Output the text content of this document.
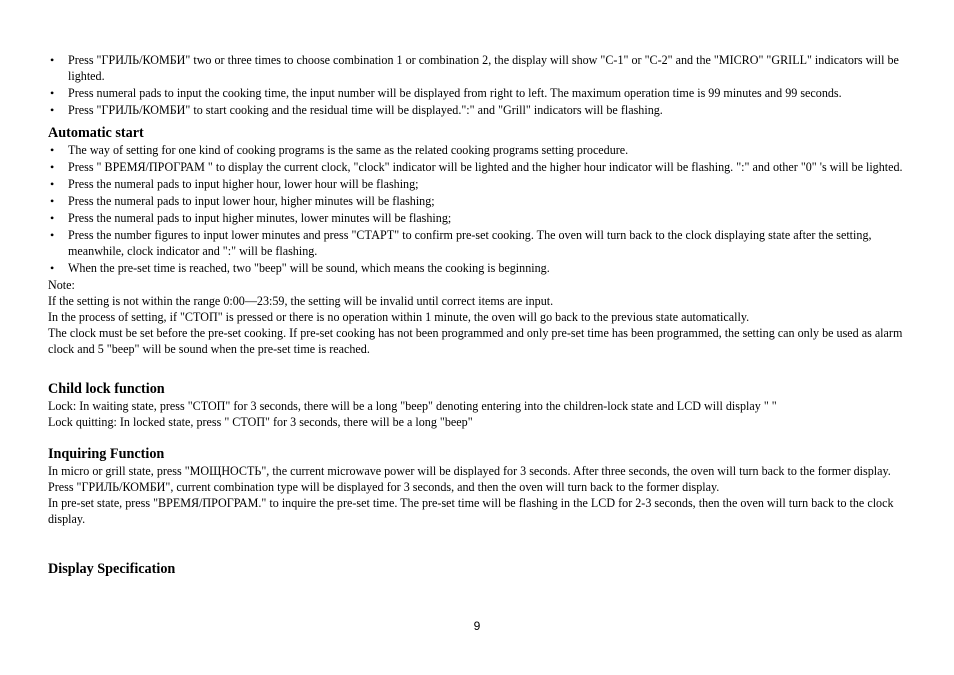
• Press "ГРИЛЬ/КОМБИ" two or three times to choose combination 1 or combination 2, the display will show "C-1" or "C-2" and the "MICRO" "GRILL" indicators will be lighted.
• Press numeral pads to input the cooking time, the input number will be displayed from right to left. The maximum operation time is 99 minutes and 99 seconds.
• Press "ГРИЛЬ/КОМБИ" to start cooking and the residual time will be displayed.":" and "Grill" indicators will be flashing.
Automatic start
• The way of setting for one kind of cooking programs is the same as the related cooking programs setting procedure.
• Press " ВРЕМЯ/ПРОГРАМ " to display the current clock, "clock" indicator will be lighted and the higher hour indicator will be flashing. ":" and other "0" 's will be lighted.
• Press the numeral pads to input higher hour, lower hour will be flashing;
• Press the numeral pads to input lower hour, higher minutes will be flashing;
• Press the numeral pads to input higher minutes, lower minutes will be flashing;
• Press the number figures to input lower minutes and press "СТАРТ" to confirm pre-set cooking. The oven will turn back to the clock displaying state after the setting, meanwhile, clock indicator and ":" will be flashing.
• When the pre-set time is reached, two "beep" will be sound, which means the cooking is beginning.

Note:

If the setting is not within the range 0:00—23:59, the setting will be invalid until correct items are input.

In the process of setting, if "СТОП" is pressed or there is no operation within 1 minute, the oven will go back to the previous state automatically.

The clock must be set before the pre-set cooking. If pre-set cooking has not been programmed and only pre-set time has been programmed, the setting can only be used as alarm clock and 5 "beep" will be sound when the pre-set time is reached.

Child lock function

Lock: In waiting state, press "СТОП" for 3 seconds, there will be a long "beep" denoting entering into the children-lock state and LCD will display " "

Lock quitting: In locked state, press " СТОП" for 3 seconds, there will be a long "beep"

Inquiring Function

In micro or grill state, press "МОЩНОСТЬ", the current microwave power will be displayed for 3 seconds. After three seconds, the oven will turn back to the former display. Press "ГРИЛЬ/КОМБИ", current combination type will be displayed for 3 seconds, and then the oven will turn back to the former display.

In pre-set state, press "ВРЕМЯ/ПРОГРАМ." to inquire the pre-set time. The pre-set time will be flashing in the LCD for 2-3 seconds, then the oven will turn back to the clock display.

Display Specification
9
